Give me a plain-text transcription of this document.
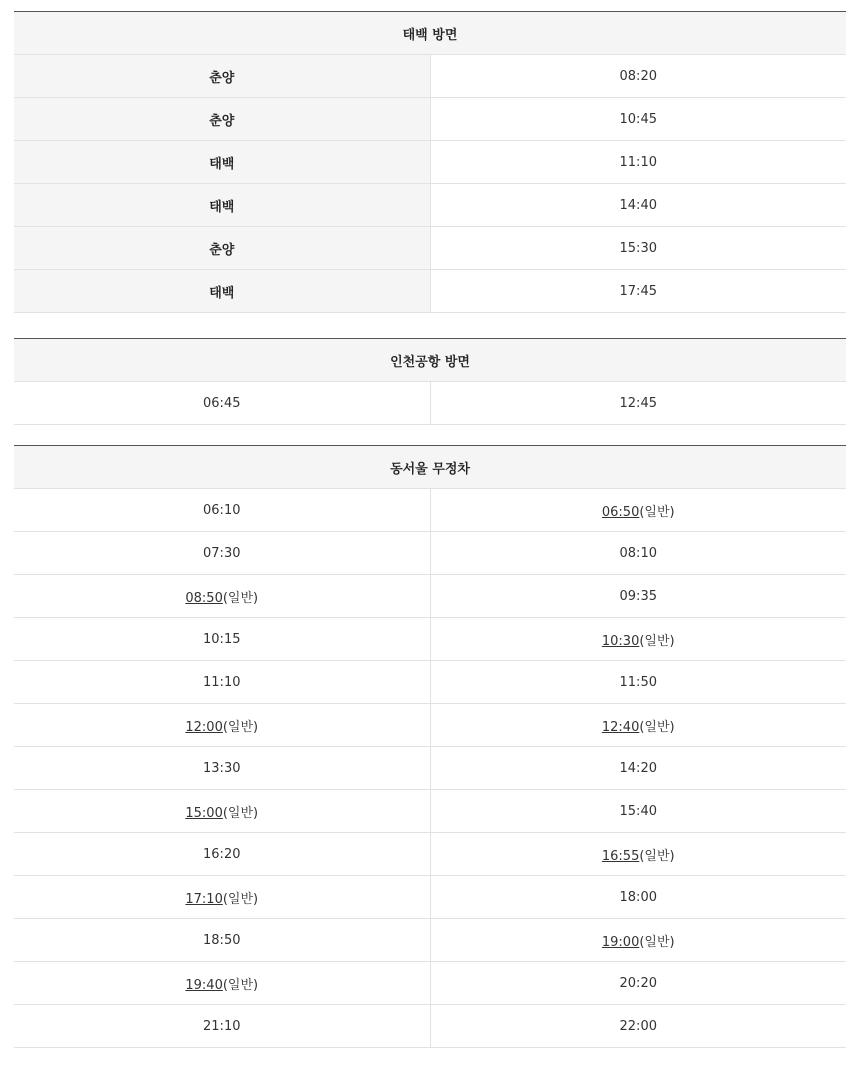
태백 방면	
춘양	08:20
춘양	10:45
태백	11:10
태백	14:40
춘양	15:30
태백	17:45
인천공항 방면
06:45	12:45
동서울 무정차	
06:10	06:50(일반)
07:30	08:10
08:50(일반)	09:35
10:15	10:30(일반)
11:10	11:50
12:00(일반)	12:40(일반)
13:30	14:20
15:00(일반)	15:40
16:20	16:55(일반)
17:10(일반)	18:00
18:50	19:00(일반)
19:40(일반)	20:20
21:10	22:00
